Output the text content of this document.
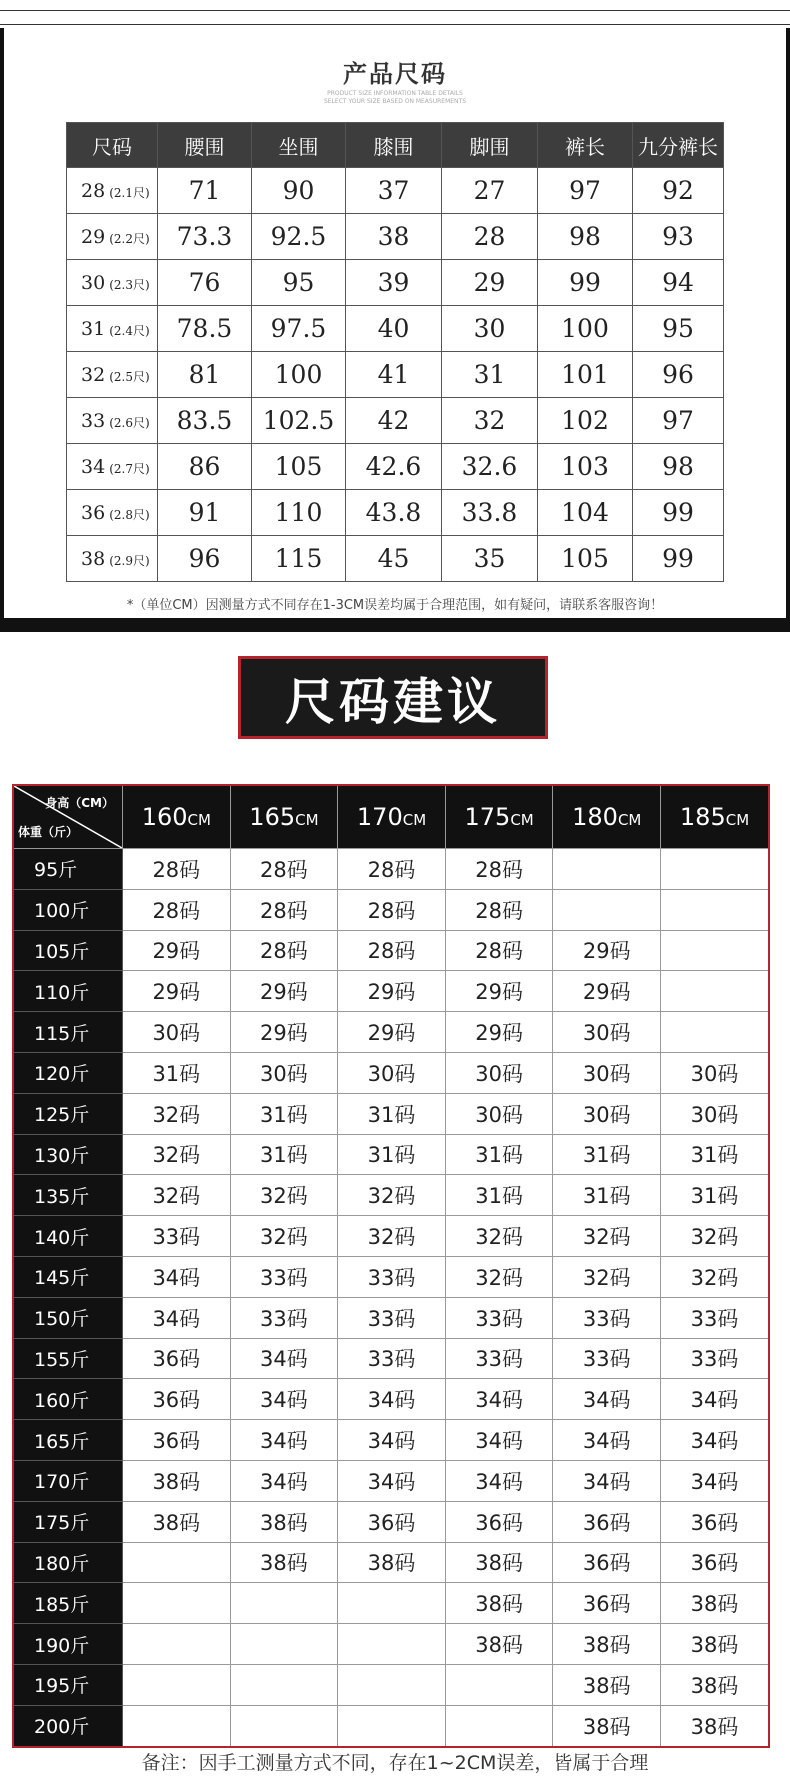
产品尺码
PRODUCT SIZE INFORMATION TABLE DETAILS
SELECT YOUR SIZE BASED ON MEASUREMENTS
尺码	腰围	坐围	膝围	脚围	裤长	九分裤长
28 (2.1尺)	71	90	37	27	97	92
29 (2.2尺)	73.3	92.5	38	28	98	93
30 (2.3尺)	76	95	39	29	99	94
31 (2.4尺)	78.5	97.5	40	30	100	95
32 (2.5尺)	81	100	41	31	101	96
33 (2.6尺)	83.5	102.5	42	32	102	97
34 (2.7尺)	86	105	42.6	32.6	103	98
36 (2.8尺)	91	110	43.8	33.8	104	99
38 (2.9尺)	96	115	45	35	105	99
*（单位CM）因测量方式不同存在1-3CM误差均属于合理范围，如有疑问，请联系客服咨询！
尺码建议
身高（CM）
体重（斤）	160CM	165CM	170CM	175CM	180CM	185CM
95斤	28码	28码	28码	28码		
100斤	28码	28码	28码	28码		
105斤	29码	28码	28码	28码	29码	
110斤	29码	29码	29码	29码	29码	
115斤	30码	29码	29码	29码	30码	
120斤	31码	30码	30码	30码	30码	30码
125斤	32码	31码	31码	30码	30码	30码
130斤	32码	31码	31码	31码	31码	31码
135斤	32码	32码	32码	31码	31码	31码
140斤	33码	32码	32码	32码	32码	32码
145斤	34码	33码	33码	32码	32码	32码
150斤	34码	33码	33码	33码	33码	33码
155斤	36码	34码	33码	33码	33码	33码
160斤	36码	34码	34码	34码	34码	34码
165斤	36码	34码	34码	34码	34码	34码
170斤	38码	34码	34码	34码	34码	34码
175斤	38码	38码	36码	36码	36码	36码
180斤		38码	38码	38码	36码	36码
185斤				38码	36码	38码
190斤				38码	38码	38码
195斤					38码	38码
200斤					38码	38码
备注：因手工测量方式不同，存在1~2CM误差，皆属于合理
